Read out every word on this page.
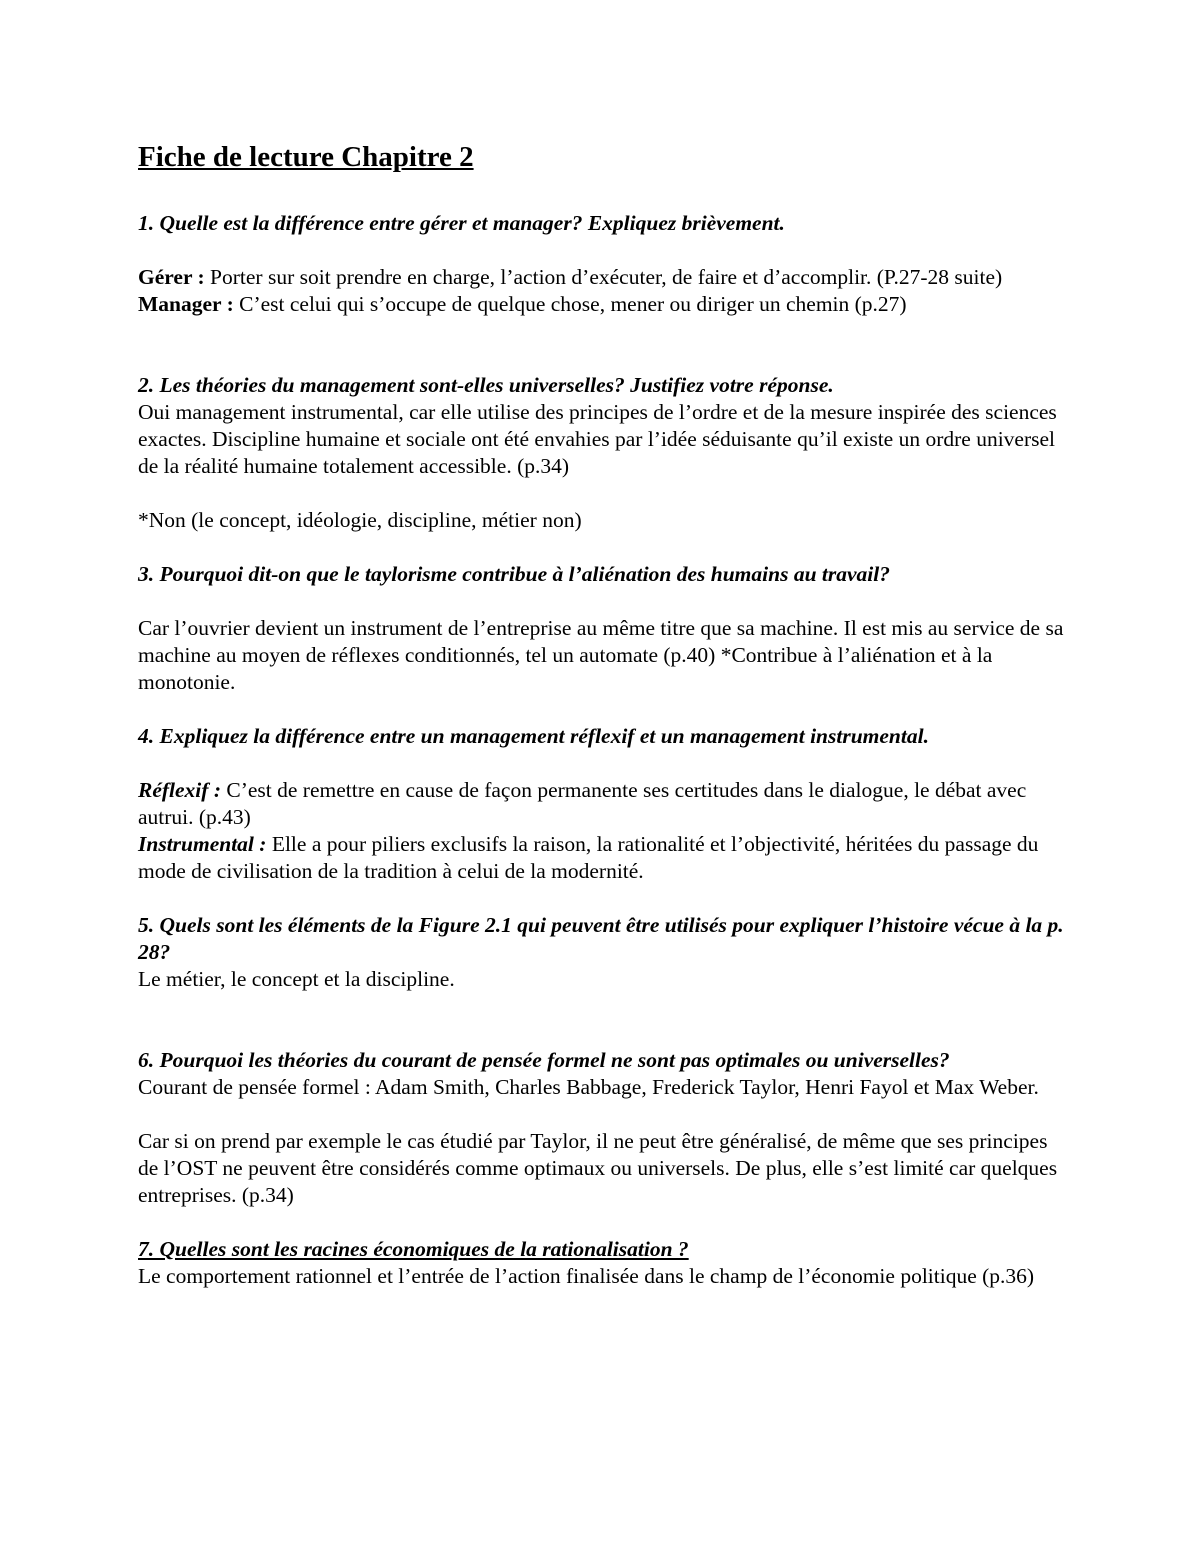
Fiche de lecture Chapitre 2

1. Quelle est la différence entre gérer et manager? Expliquez brièvement.

Gérer : Porter sur soit prendre en charge, l’action d’exécuter, de faire et d’accomplir. (P.27-28 suite)

Manager : C’est celui qui s’occupe de quelque chose, mener ou diriger un chemin (p.27)

2. Les théories du management sont-elles universelles? Justifiez votre réponse.

Oui management instrumental, car elle utilise des principes de l’ordre et de la mesure inspirée des sciences exactes. Discipline humaine et sociale ont été envahies par l’idée séduisante qu’il existe un ordre universel de la réalité humaine totalement accessible. (p.34)

*Non (le concept, idéologie, discipline, métier non)

3. Pourquoi dit-on que le taylorisme contribue à l’aliénation des humains au travail?

Car l’ouvrier devient un instrument de l’entreprise au même titre que sa machine. Il est mis au service de sa machine au moyen de réflexes conditionnés, tel un automate (p.40) *Contribue à l’aliénation et à la monotonie.

4. Expliquez la différence entre un management réflexif et un management instrumental.

Réflexif : C’est de remettre en cause de façon permanente ses certitudes dans le dialogue, le débat avec autrui. (p.43)

Instrumental : Elle a pour piliers exclusifs la raison, la rationalité et l’objectivité, héritées du passage du mode de civilisation de la tradition à celui de la modernité.

5. Quels sont les éléments de la Figure 2.1 qui peuvent être utilisés pour expliquer l’histoire vécue à la p. 28?

Le métier, le concept et la discipline.

6. Pourquoi les théories du courant de pensée formel ne sont pas optimales ou universelles?

Courant de pensée formel : Adam Smith, Charles Babbage, Frederick Taylor, Henri Fayol et Max Weber.

Car si on prend par exemple le cas étudié par Taylor, il ne peut être généralisé, de même que ses principes de l’OST ne peuvent être considérés comme optimaux ou universels. De plus, elle s’est limité car quelques entreprises. (p.34)

7. Quelles sont les racines économiques de la rationalisation ?

Le comportement rationnel et l’entrée de l’action finalisée dans le champ de l’économie politique (p.36)
